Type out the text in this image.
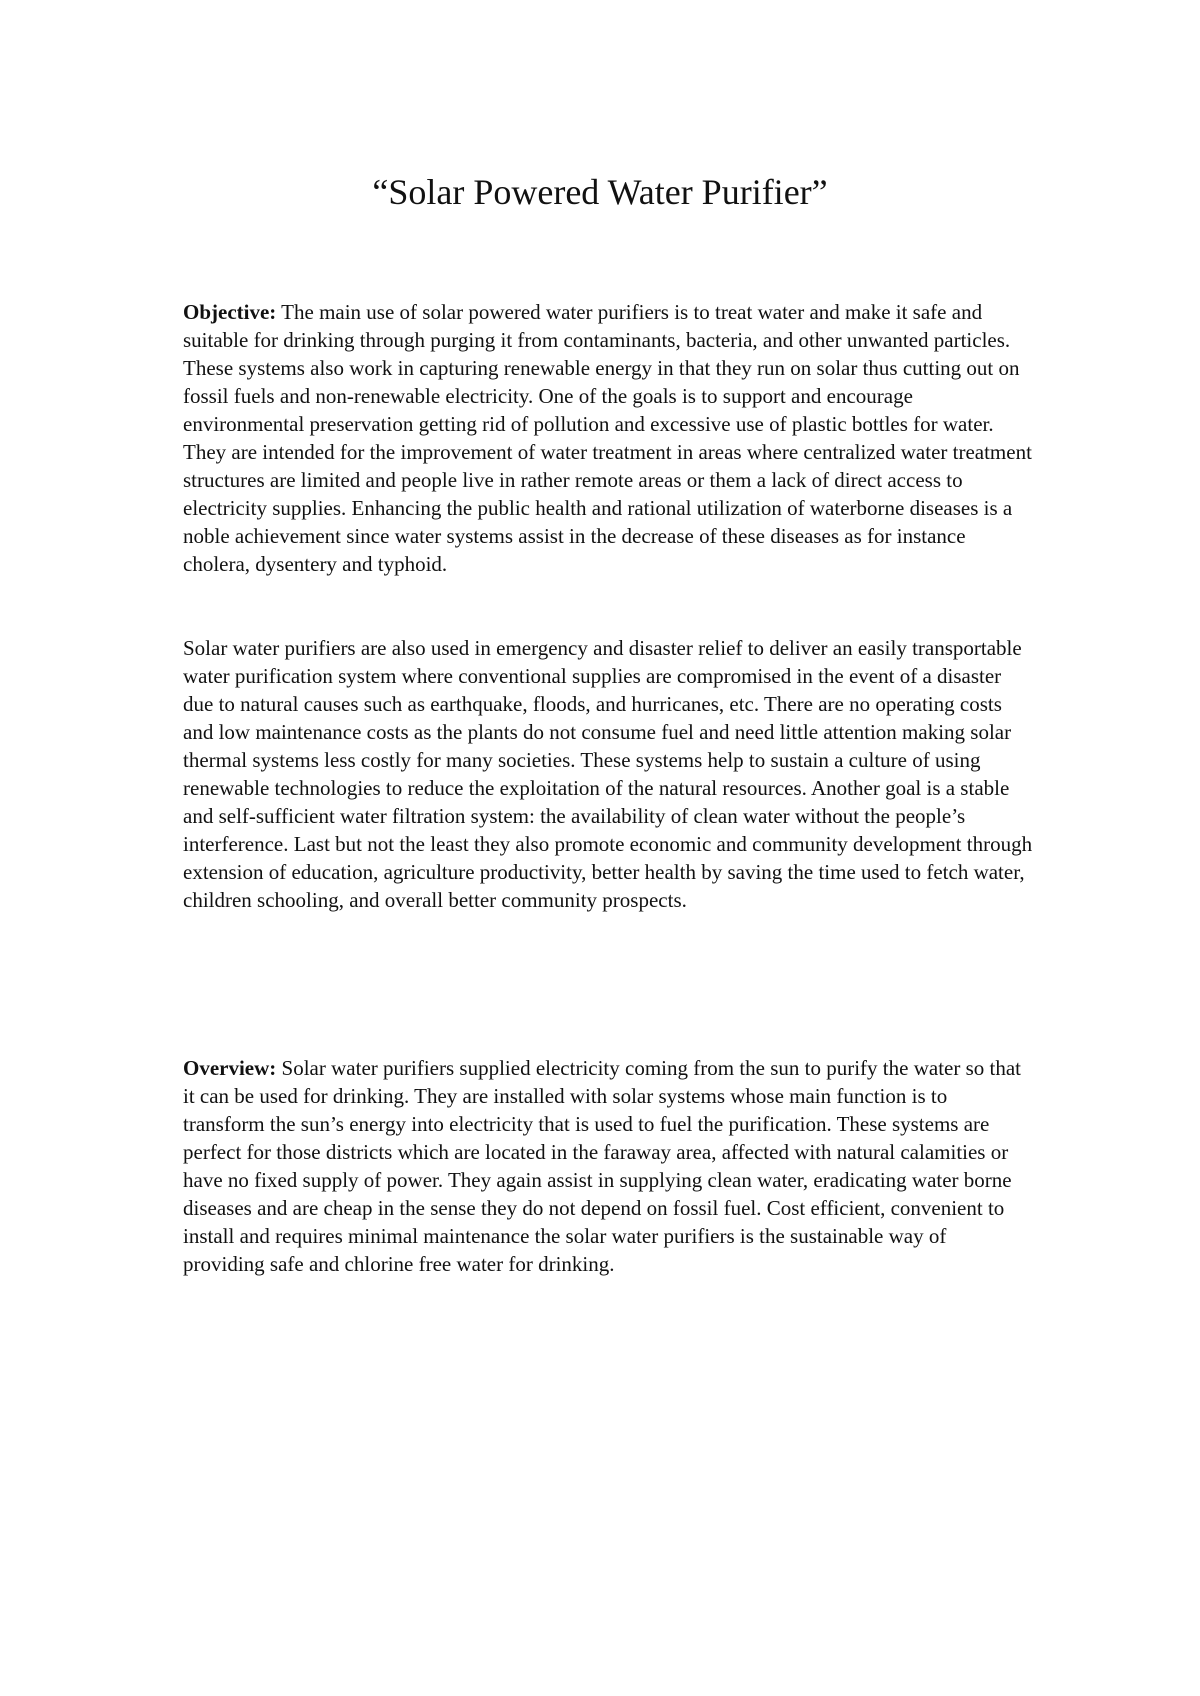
“Solar Powered Water Purifier”

Objective: The main use of solar powered water purifiers is to treat water and make it safe and suitable for drinking through purging it from contaminants, bacteria, and other unwanted particles. These systems also work in capturing renewable energy in that they run on solar thus cutting out on fossil fuels and non-renewable electricity. One of the goals is to support and encourage environmental preservation getting rid of pollution and excessive use of plastic bottles for water. They are intended for the improvement of water treatment in areas where centralized water treatment structures are limited and people live in rather remote areas or them a lack of direct access to electricity supplies. Enhancing the public health and rational utilization of waterborne diseases is a noble achievement since water systems assist in the decrease of these diseases as for instance cholera, dysentery and typhoid.

Solar water purifiers are also used in emergency and disaster relief to deliver an easily transportable water purification system where conventional supplies are compromised in the event of a disaster due to natural causes such as earthquake, floods, and hurricanes, etc. There are no operating costs and low maintenance costs as the plants do not consume fuel and need little attention making solar thermal systems less costly for many societies. These systems help to sustain a culture of using renewable technologies to reduce the exploitation of the natural resources. Another goal is a stable and self-sufficient water filtration system: the availability of clean water without the people’s interference. Last but not the least they also promote economic and community development through extension of education, agriculture productivity, better health by saving the time used to fetch water, children schooling, and overall better community prospects.

Overview: Solar water purifiers supplied electricity coming from the sun to purify the water so that it can be used for drinking. They are installed with solar systems whose main function is to transform the sun’s energy into electricity that is used to fuel the purification. These systems are perfect for those districts which are located in the faraway area, affected with natural calamities or have no fixed supply of power. They again assist in supplying clean water, eradicating water borne diseases and are cheap in the sense they do not depend on fossil fuel. Cost efficient, convenient to install and requires minimal maintenance the solar water purifiers is the sustainable way of providing safe and chlorine free water for drinking.
